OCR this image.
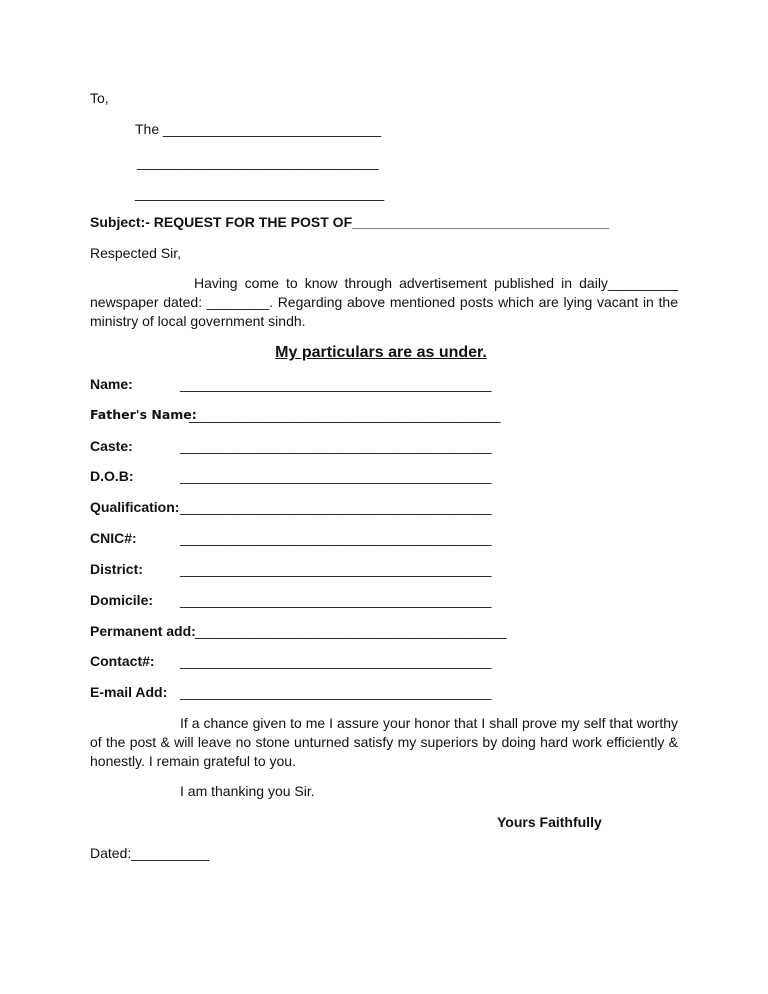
To,
The ____________________________
_______________________________
________________________________
Subject:- REQUEST FOR THE POST OF_________________________________
Respected Sir,
Having come to know through advertisement published in daily_________ newspaper dated: ________. Regarding above mentioned posts which are lying vacant in the ministry of local government sindh.
My particulars are as under.
Name:	________________________________________
Father's Name:
________________________________________
Caste:	________________________________________
D.O.B:	________________________________________
Qualification: ________________________________________
CNIC#:	________________________________________
District:	________________________________________
Domicile: ________________________________________
Permanent add: ________________________________________
Contact#: ________________________________________
E-mail Add: ________________________________________
If a chance given to me I assure your honor that I shall prove my self that worthy of the post & will leave no stone unturned satisfy my superiors by doing hard work efficiently & honestly. I remain grateful to you.
I am thanking you Sir.
Yours Faithfully
Dated:__________
